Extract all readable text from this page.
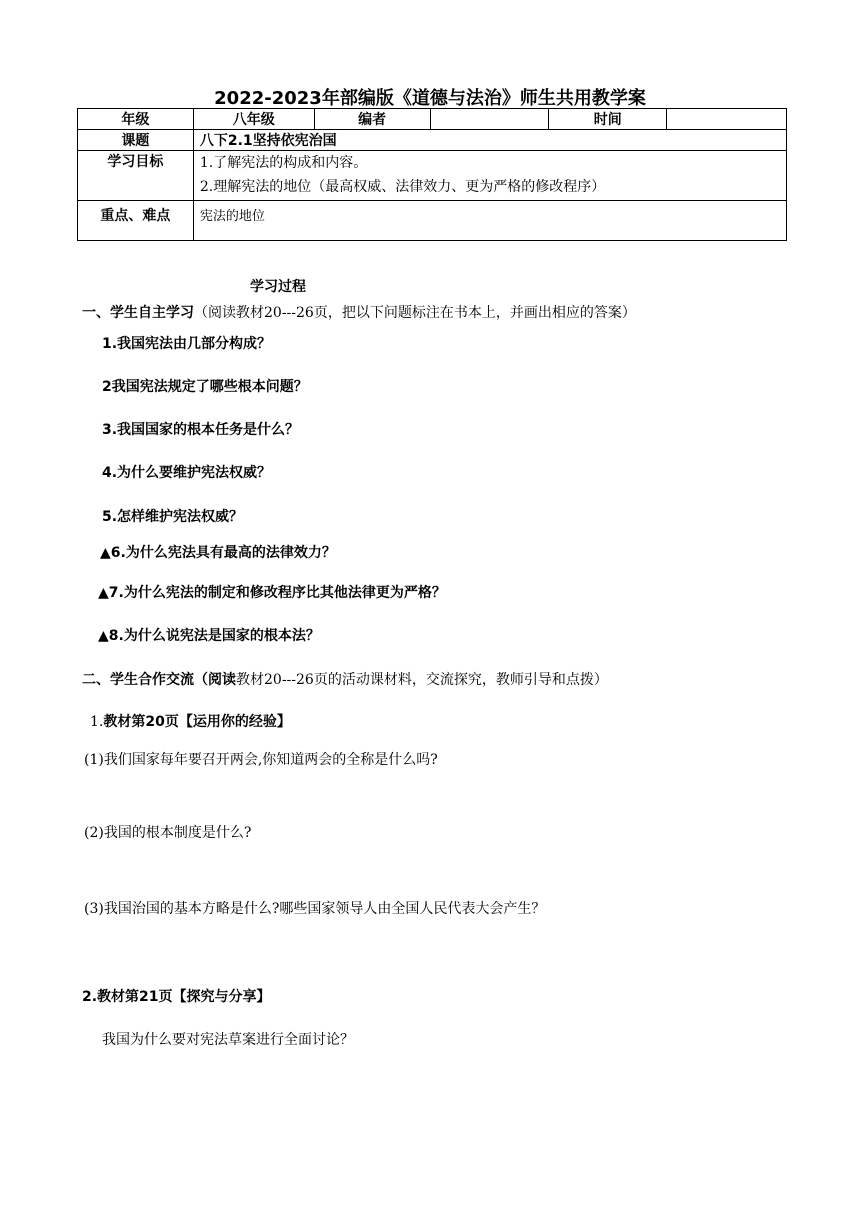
2022-2023年部编版《道德与法治》师生共用教学案
年级	八年级	编者		时间	
课题	八下2.1坚持依宪治国				
学习目标	1.了解宪法的构成和内容。
2.理解宪法的地位（最高权威、法律效力、更为严格的修改程序）				

重点、难点	宪法的地位				
学习过程
一、学生自主学习（阅读教材20---26页，把以下问题标注在书本上，并画出相应的答案）
1.我国宪法由几部分构成？
2我国宪法规定了哪些根本问题？
3.我国国家的根本任务是什么？
4.为什么要维护宪法权威？
5.怎样维护宪法权威？
▲6.为什么宪法具有最高的法律效力？
▲7.为什么宪法的制定和修改程序比其他法律更为严格？
▲8.为什么说宪法是国家的根本法？
二、学生合作交流（阅读教材20---26页的活动课材料，交流探究，教师引导和点拨）
1.教材第20页【运用你的经验】
(1)我们国家每年要召开两会,你知道两会的全称是什么吗?
(2)我国的根本制度是什么?
(3)我国治国的基本方略是什么?哪些国家领导人由全国人民代表大会产生？
2.教材第21页【探究与分享】
我国为什么要对宪法草案进行全面讨论？
